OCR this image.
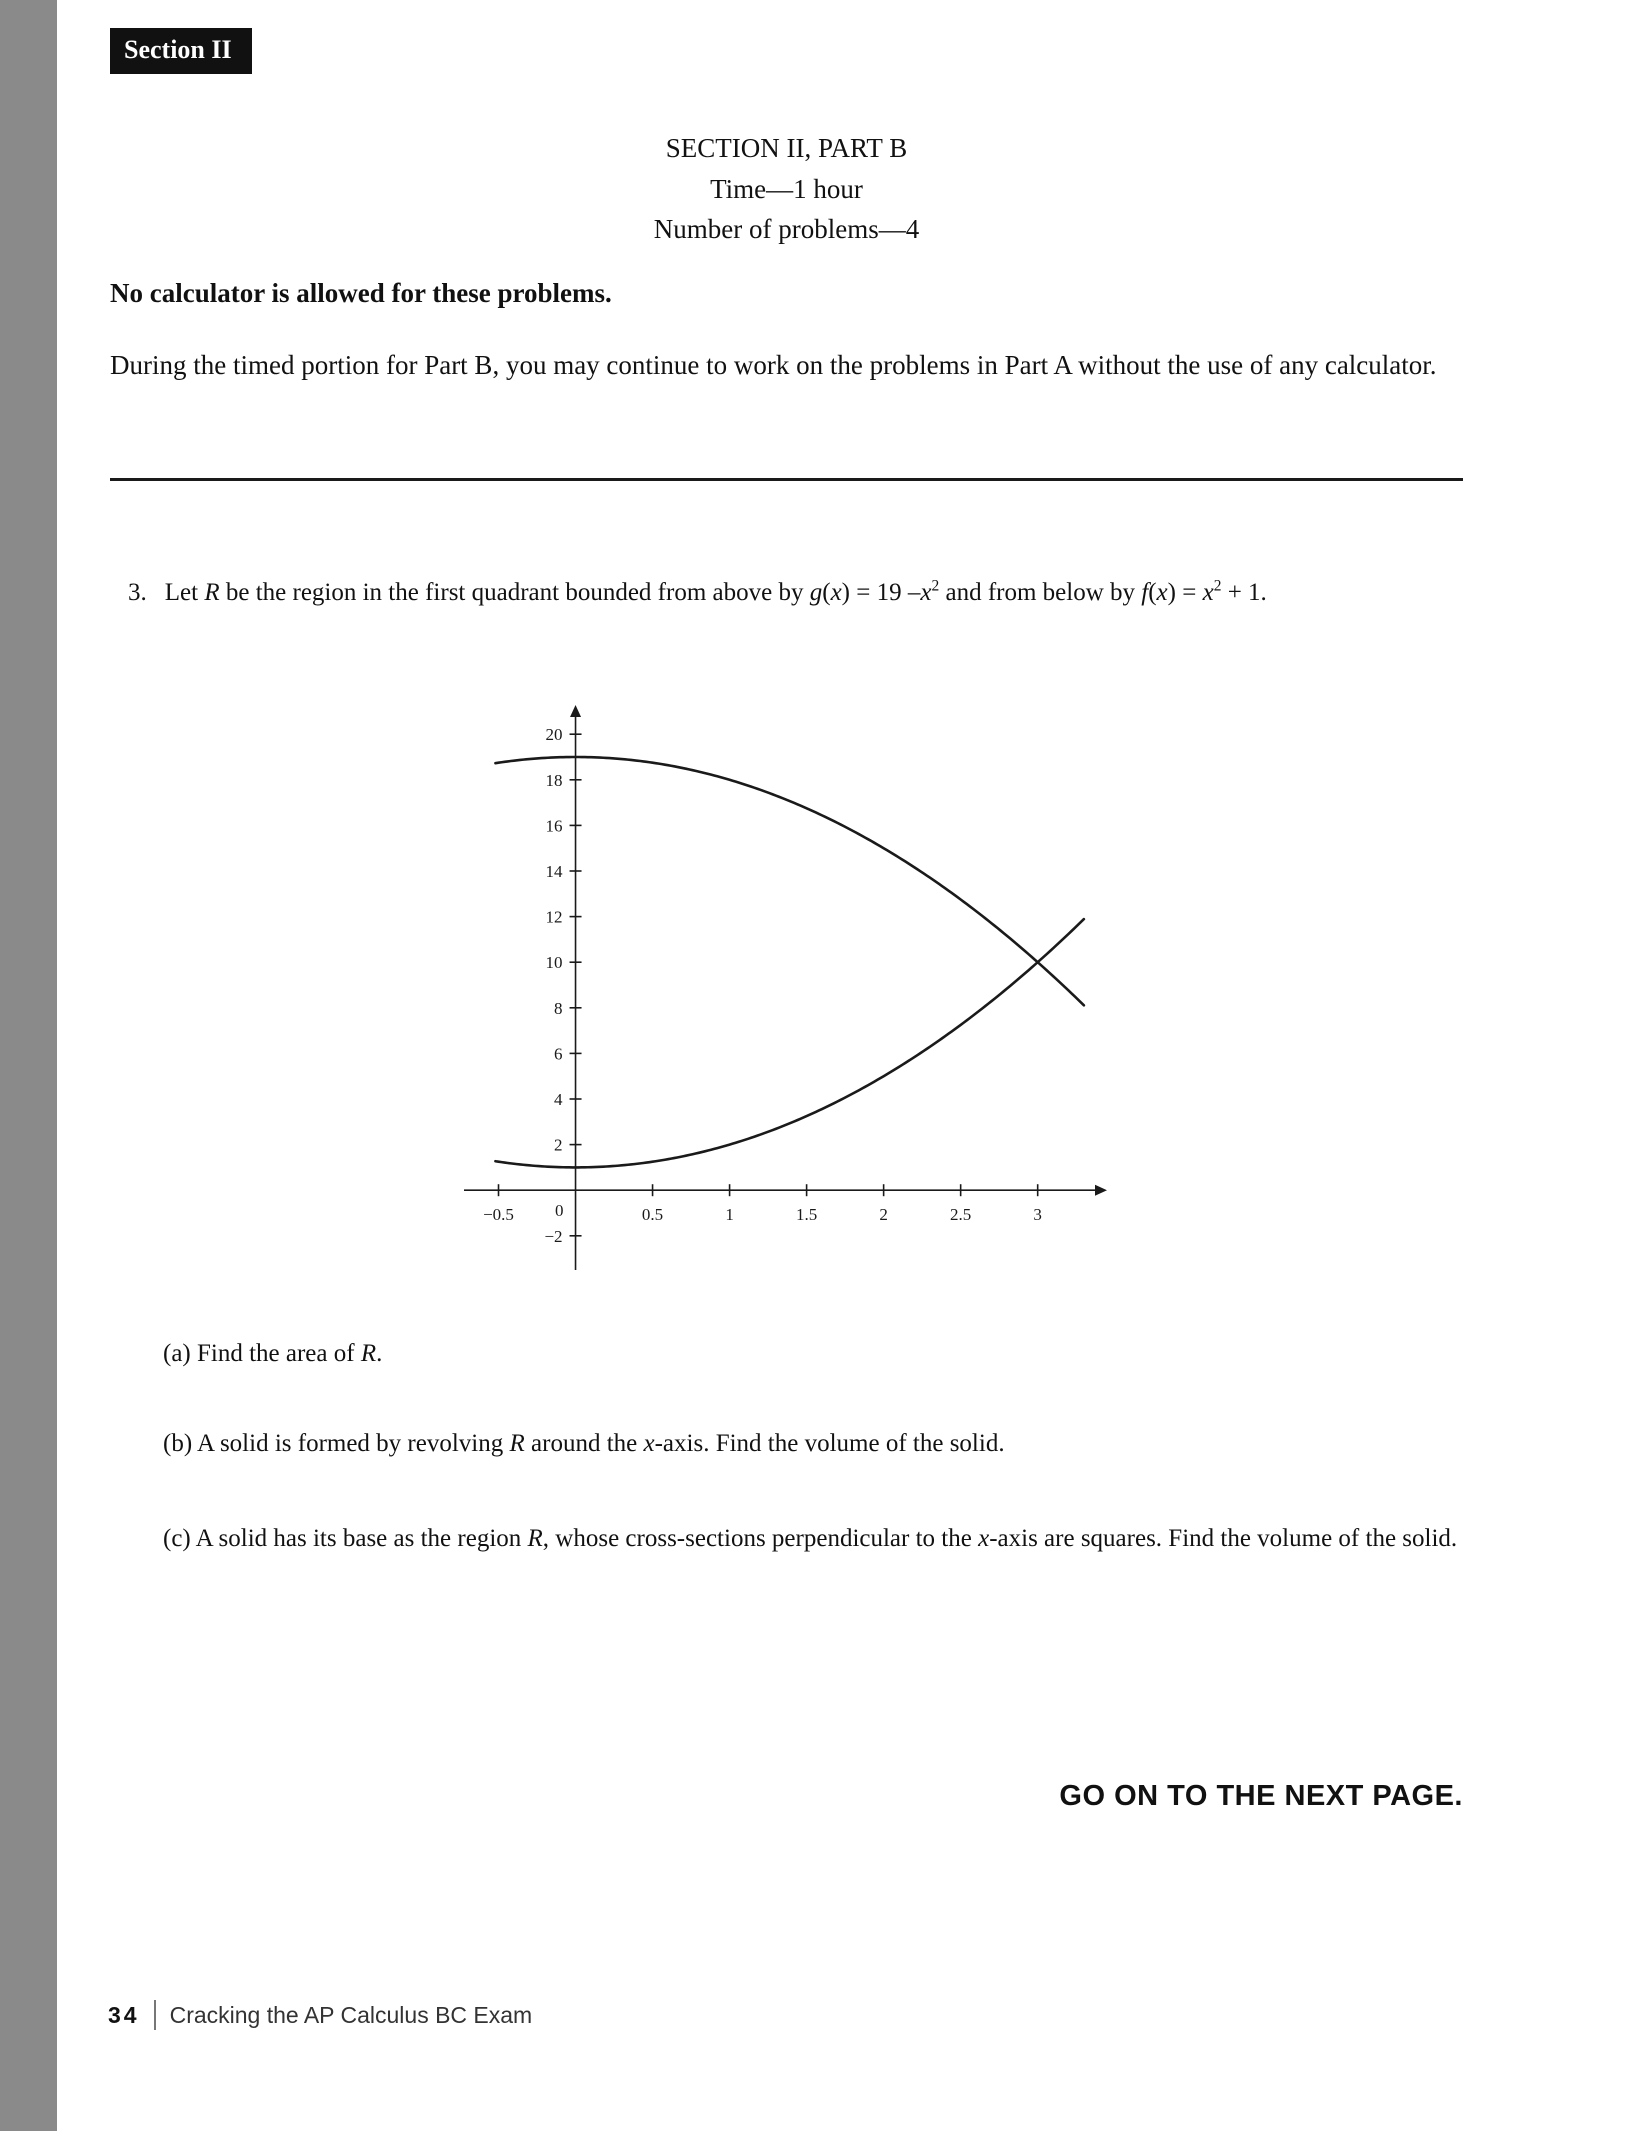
Section II
SECTION II, PART B
Time—1 hour
Number of problems—4

No calculator is allowed for these problems.

During the timed portion for Part B, you may continue to work on the problems in Part A without the use of any calculator.

3. Let R be the region in the first quadrant bounded from above by g(x) = 19 $-x^2$ and from below by $f(x) = x^2 + 1$.
−0.5	0.5	1	1.5	2	2.5	3
0
−2
2
4
6
8
10
12
14
16
18
20
(a) Find the area of R.
(b) A solid is formed by revolving R around the x-axis. Find the volume of the solid.
(c) A solid has its base as the region R, whose cross-sections perpendicular to the x-axis are squares. Find the volume of the solid.
GO ON TO THE NEXT PAGE.
34 Cracking the AP Calculus BC Exam
